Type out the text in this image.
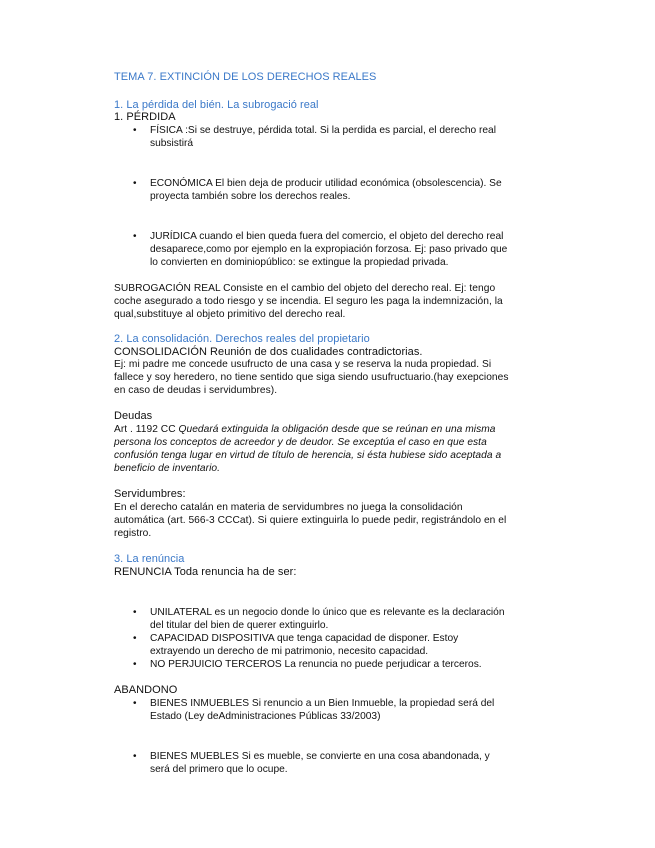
TEMA 7. EXTINCIÓN DE LOS DERECHOS REALES
1. La pérdida del bién. La subrogació real
1. PÉRDIDA
• FÍSICA :Si se destruye, pérdida total. Si la perdida es parcial, el derecho real
subsistirá
• ECONÓMICA El bien deja de producir utilidad económica (obsolescencia). Se
proyecta también sobre los derechos reales.
• JURÍDICA cuando el bien queda fuera del comercio, el objeto del derecho real
desaparece,como por ejemplo en la expropiación forzosa. Ej: paso privado que
lo convierten en dominiopúblico: se extingue la propiedad privada.
SUBROGACIÓN REAL Consiste en el cambio del objeto del derecho real. Ej: tengo
coche asegurado a todo riesgo y se incendia. El seguro les paga la indemnización, la
qual,substituye al objeto primitivo del derecho real.
2. La consolidación. Derechos reales del propietario
CONSOLIDACIÓN Reunión de dos cualidades contradictorias.
Ej: mi padre me concede usufructo de una casa y se reserva la nuda propiedad. Si
fallece y soy heredero, no tiene sentido que siga siendo usufructuario.(hay exepciones
en caso de deudas i servidumbres).
Deudas
Art . 1192 CC Quedará extinguida la obligación desde que se reúnan en una misma
persona los conceptos de acreedor y de deudor. Se exceptúa el caso en que esta
confusión tenga lugar en virtud de título de herencia, si ésta hubiese sido aceptada a
beneficio de inventario.
Servidumbres:
En el derecho catalán en materia de servidumbres no juega la consolidación
automática (art. 566-3 CCCat). Si quiere extinguirla lo puede pedir, registrándolo en el
registro.
3. La renúncia
RENUNCIA Toda renuncia ha de ser:
• UNILATERAL es un negocio donde lo único que es relevante es la declaración
del titular del bien de querer extinguirlo.
• CAPACIDAD DISPOSITIVA que tenga capacidad de disponer. Estoy
extrayendo un derecho de mi patrimonio, necesito capacidad.
• NO PERJUICIO TERCEROS La renuncia no puede perjudicar a terceros.
ABANDONO
• BIENES INMUEBLES Si renuncio a un Bien Inmueble, la propiedad será del
Estado (Ley deAdministraciones Públicas 33/2003)
• BIENES MUEBLES Si es mueble, se convierte en una cosa abandonada, y
será del primero que lo ocupe.
